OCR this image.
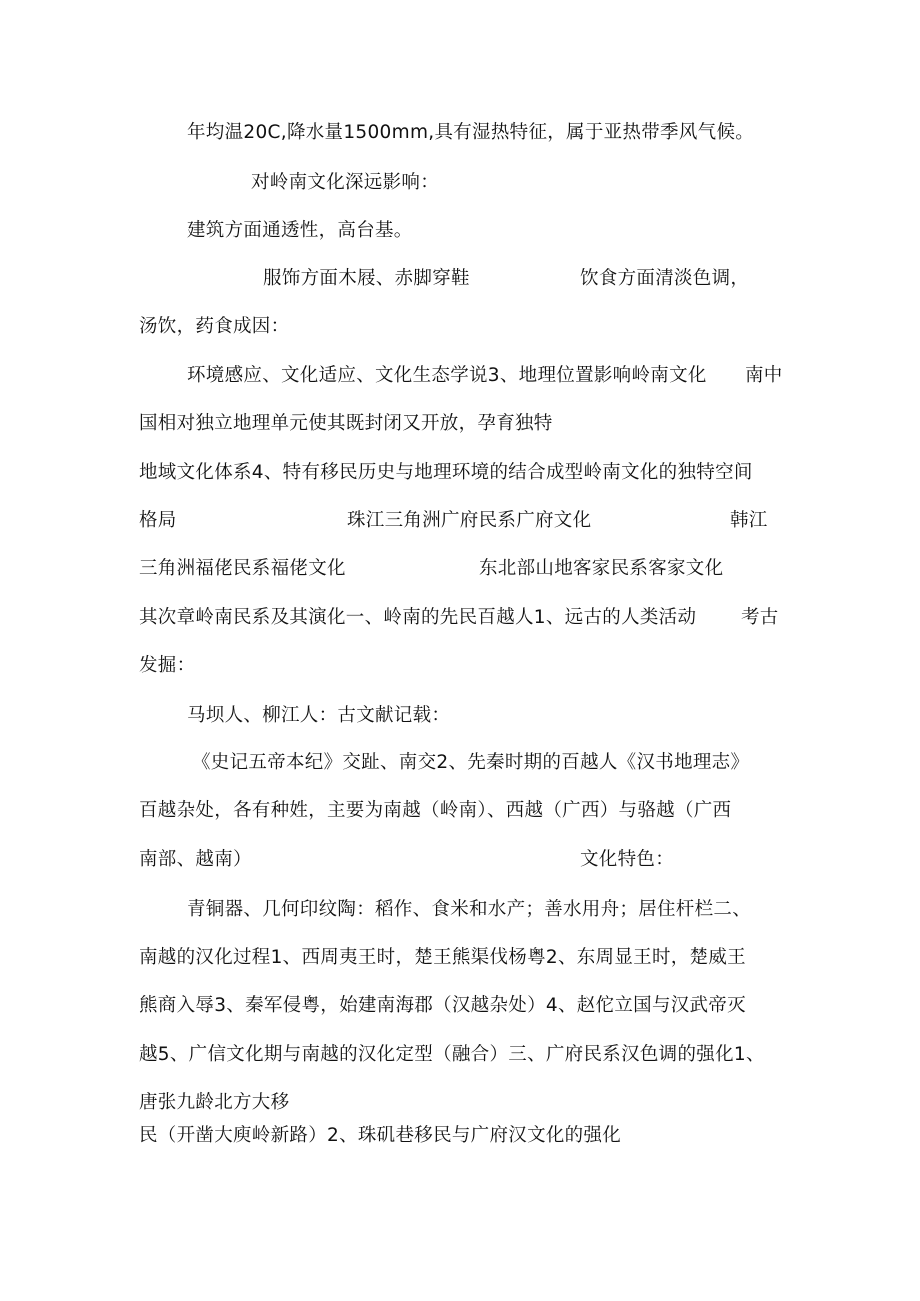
年均温20C,降水量1500mm,具有湿热特征，属于亚热带季风气候。
对岭南文化深远影响：
建筑方面通透性，高台基。
服饰方面木屐、赤脚穿鞋	饮食方面清淡色调，
汤饮，药食成因：
环境感应、文化适应、文化生态学说3、地理位置影响岭南文化 南中
国相对独立地理单元使其既封闭又开放，孕育独特
地域文化体系4、特有移民历史与地理环境的结合成型岭南文化的独特空间
格局	珠江三角洲广府民系广府文化	韩江
三角洲福佬民系福佬文化	东北部山地客家民系客家文化
其次章岭南民系及其演化一、岭南的先民百越人1、远古的人类活动 考古
发掘：
马坝人、柳江人：古文献记载：
《史记五帝本纪》交趾、南交2、先秦时期的百越人《汉书地理志》
百越杂处，各有种姓，主要为南越（岭南）、西越（广西）与骆越（广西
南部、越南）	文化特色：
青铜器、几何印纹陶：稻作、食米和水产；善水用舟；居住杆栏二、
南越的汉化过程1、西周夷王时，楚王熊渠伐杨粤2、东周显王时，楚威王
熊商入辱3、秦军侵粤，始建南海郡（汉越杂处）4、赵佗立国与汉武帝灭
越5、广信文化期与南越的汉化定型（融合）三、广府民系汉色调的强化1、
唐张九龄北方大移
民（开凿大庾岭新路）2、珠矶巷移民与广府汉文化的强化
